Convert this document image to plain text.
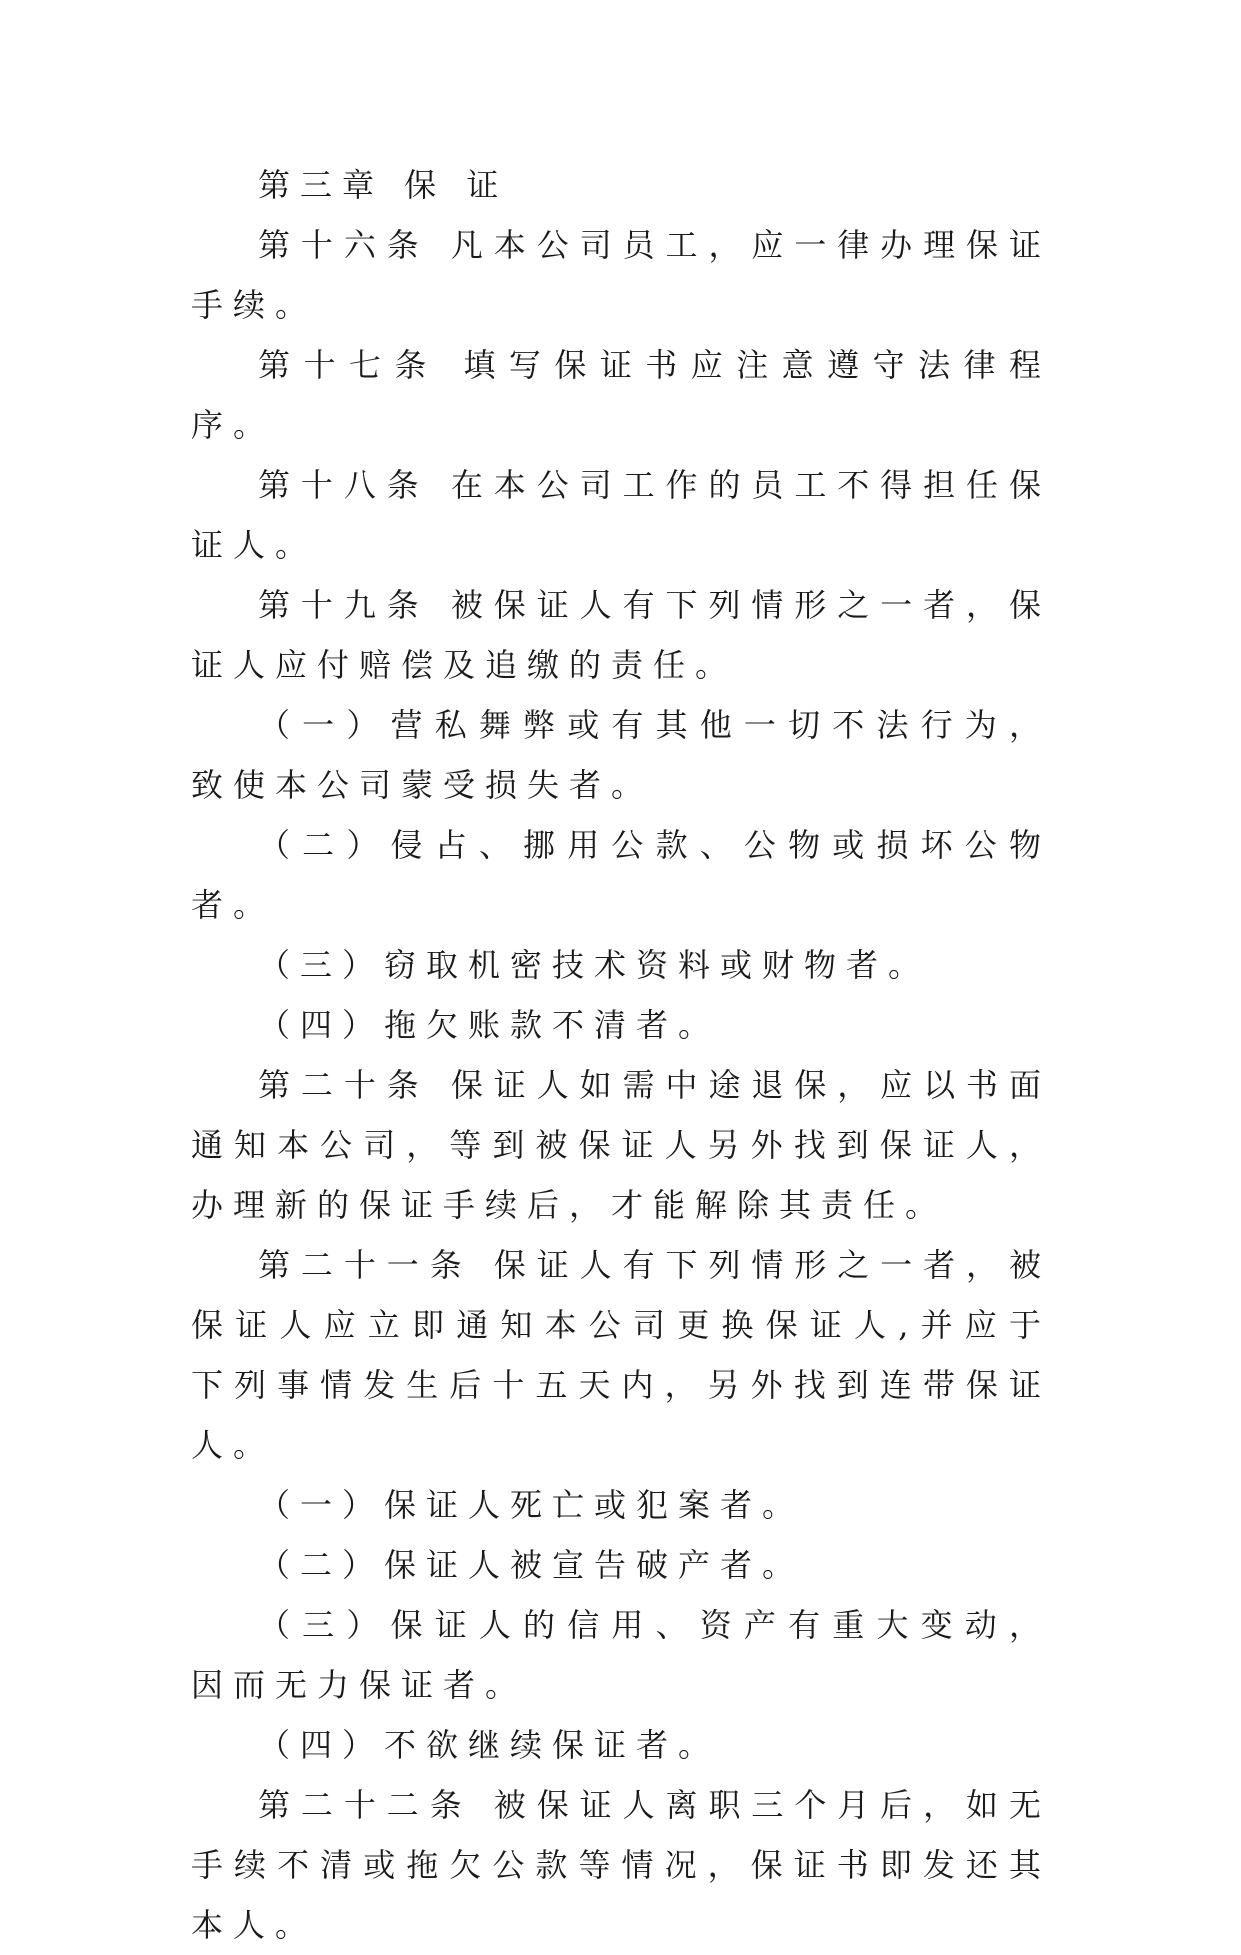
第三章 保 证

第十六条 凡本公司员工，应一律办理保证手续。

第十七条 填写保证书应注意遵守法律程序。

第十八条 在本公司工作的员工不得担任保证人。

第十九条 被保证人有下列情形之一者，保证人应付赔偿及追缴的责任。

（一）营私舞弊或有其他一切不法行为，致使本公司蒙受损失者。

（二）侵占、挪用公款、公物或损坏公物者。

（三）窃取机密技术资料或财物者。

（四）拖欠账款不清者。

第二十条 保证人如需中途退保，应以书面通知本公司，等到被保证人另外找到保证人，办理新的保证手续后，才能解除其责任。

第二十一条 保证人有下列情形之一者，被保证人应立即通知本公司更换保证人,并应于下列事情发生后十五天内，另外找到连带保证人。

（一）保证人死亡或犯案者。

（二）保证人被宣告破产者。

（三）保证人的信用、资产有重大变动，因而无力保证者。

（四）不欲继续保证者。

第二十二条 被保证人离职三个月后，如无手续不清或拖欠公款等情况，保证书即发还其本人。
